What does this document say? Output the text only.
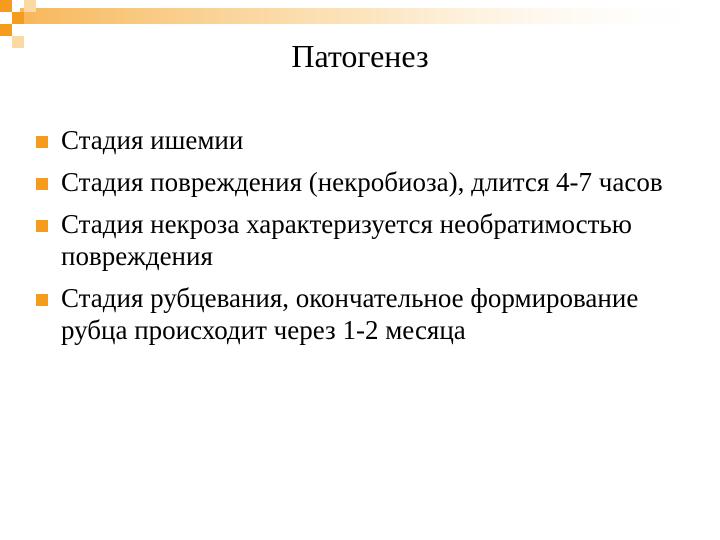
Патогенез
Стадия ишемии
Стадия повреждения (некробиоза), длится 4-7 часов
Стадия некроза характеризуется необратимостью повреждения
Стадия рубцевания, окончательное формирование рубца происходит через 1-2 месяца
